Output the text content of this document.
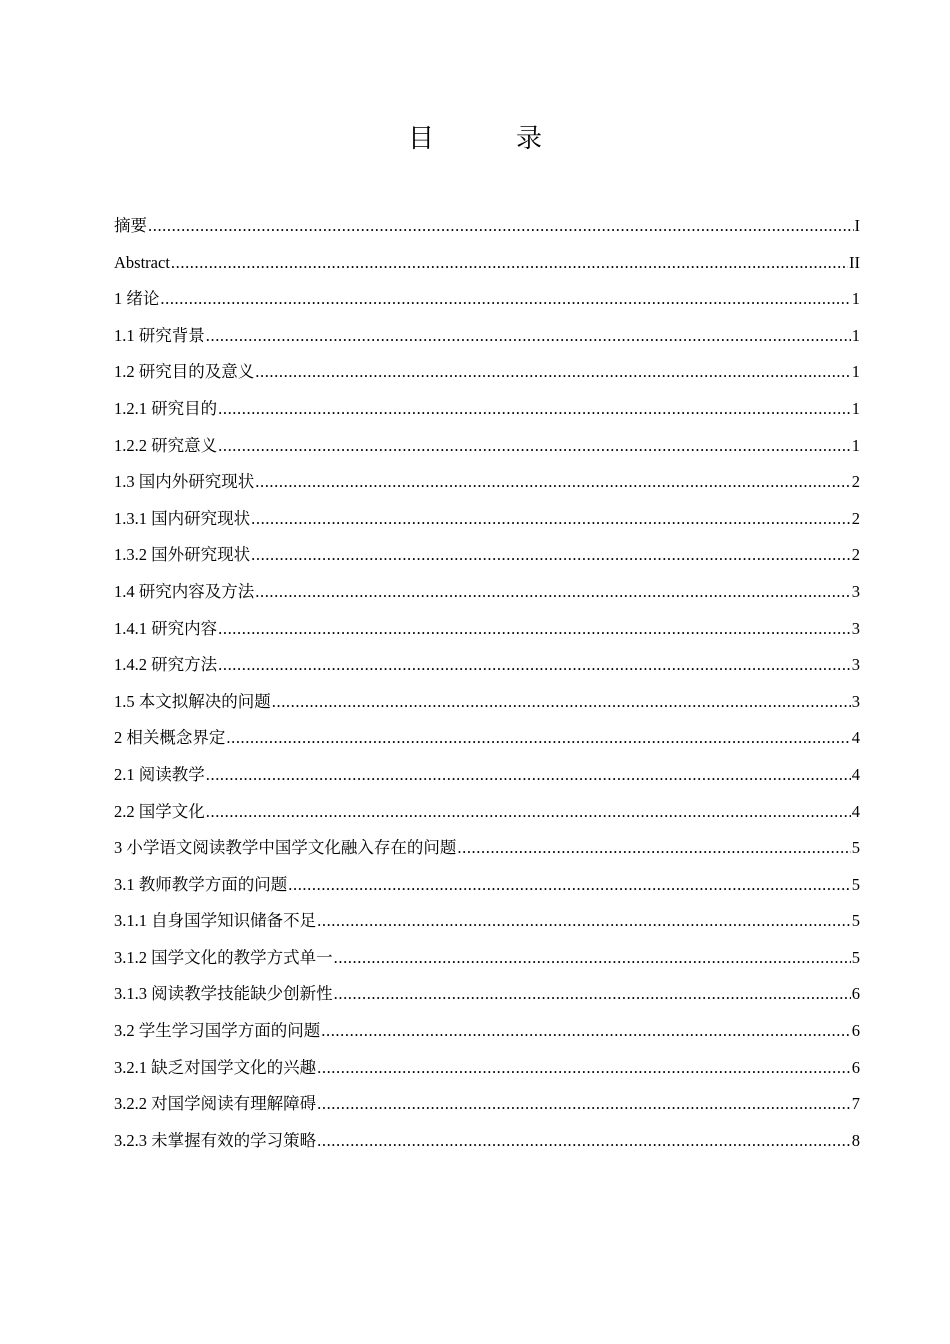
目　录
摘要 .....	I
Abstract .....	II
1 绪论 .....	1
1.1 研究背景 .....	1
1.2 研究目的及意义 .....	1
1.2.1 研究目的 .....	1
1.2.2 研究意义 .....	1
1.3 国内外研究现状 .....	2
1.3.1 国内研究现状 .....	2
1.3.2 国外研究现状 .....	2
1.4 研究内容及方法 .....	3
1.4.1 研究内容 .....	3
1.4.2 研究方法 .....	3
1.5 本文拟解决的问题 .....	3
2 相关概念界定 .....	4
2.1 阅读教学 .....	4
2.2 国学文化 .....	4
3 小学语文阅读教学中国学文化融入存在的问题 .....	5
3.1 教师教学方面的问题 .....	5
3.1.1 自身国学知识储备不足 .....	5
3.1.2 国学文化的教学方式单一 .....	5
3.1.3 阅读教学技能缺少创新性 .....	6
3.2 学生学习国学方面的问题 .....	6
3.2.1 缺乏对国学文化的兴趣 .....	6
3.2.2 对国学阅读有理解障碍 .....	7
3.2.3 未掌握有效的学习策略 .....	8
